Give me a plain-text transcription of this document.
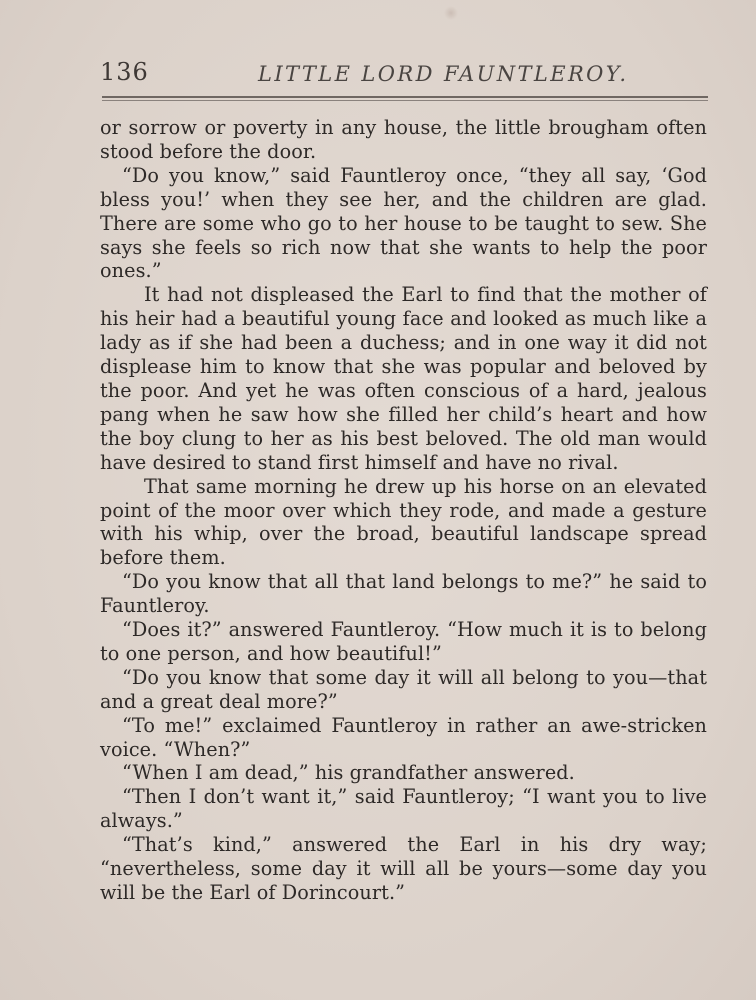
136	LITTLE LORD FAUNTLEROY.

or sorrow or poverty in any house, the little brougham often stood before the door.

“Do you know,” said Fauntleroy once, “they all say, ‘God bless you!’ when they see her, and the children are glad. There are some who go to her house to be taught to sew. She says she feels so rich now that she wants to help the poor ones.”

It had not displeased the Earl to find that the mother of his heir had a beautiful young face and looked as much like a lady as if she had been a duchess; and in one way it did not displease him to know that she was popular and beloved by the poor. And yet he was often conscious of a hard, jealous pang when he saw how she filled her child’s heart and how the boy clung to her as his best beloved. The old man would have desired to stand first himself and have no rival.

That same morning he drew up his horse on an elevated point of the moor over which they rode, and made a gesture with his whip, over the broad, beautiful landscape spread before them.

“Do you know that all that land belongs to me?” he said to Fauntleroy.

“Does it?” answered Fauntleroy. “How much it is to belong to one person, and how beautiful!”

“Do you know that some day it will all belong to you—that and a great deal more?”

“To me!” exclaimed Fauntleroy in rather an awe-stricken voice. “When?”

“When I am dead,” his grandfather answered.

“Then I don’t want it,” said Fauntleroy; “I want you to live always.”

“That’s kind,” answered the Earl in his dry way; “nevertheless, some day it will all be yours—some day you will be the Earl of Dorincourt.”
